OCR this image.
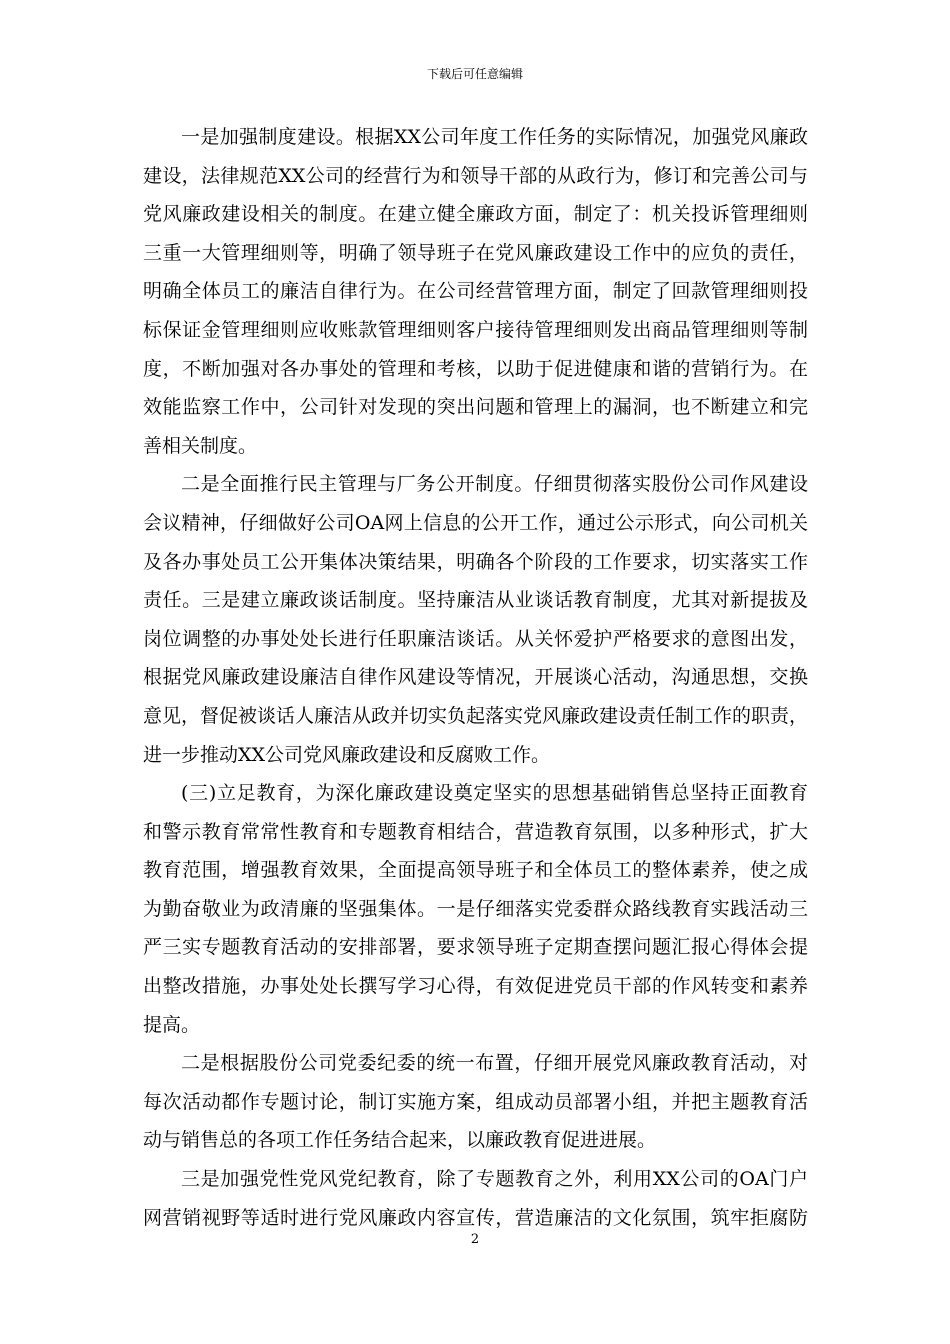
下载后可任意编辑
一是加强制度建设。根据XX公司年度工作任务的实际情况，加强党风廉政
建设，法律规范XX公司的经营行为和领导干部的从政行为，修订和完善公司与
党风廉政建设相关的制度。在建立健全廉政方面，制定了：机关投诉管理细则
三重一大管理细则等，明确了领导班子在党风廉政建设工作中的应负的责任，
明确全体员工的廉洁自律行为。在公司经营管理方面，制定了回款管理细则投
标保证金管理细则应收账款管理细则客户接待管理细则发出商品管理细则等制
度，不断加强对各办事处的管理和考核，以助于促进健康和谐的营销行为。在
效能监察工作中，公司针对发现的突出问题和管理上的漏洞，也不断建立和完
善相关制度。
二是全面推行民主管理与厂务公开制度。仔细贯彻落实股份公司作风建设
会议精神，仔细做好公司OA网上信息的公开工作，通过公示形式，向公司机关
及各办事处员工公开集体决策结果，明确各个阶段的工作要求，切实落实工作
责任。三是建立廉政谈话制度。坚持廉洁从业谈话教育制度，尤其对新提拔及
岗位调整的办事处处长进行任职廉洁谈话。从关怀爱护严格要求的意图出发，
根据党风廉政建设廉洁自律作风建设等情况，开展谈心活动，沟通思想，交换
意见，督促被谈话人廉洁从政并切实负起落实党风廉政建设责任制工作的职责，
进一步推动XX公司党风廉政建设和反腐败工作。
(三)立足教育，为深化廉政建设奠定坚实的思想基础销售总坚持正面教育
和警示教育常常性教育和专题教育相结合，营造教育氛围，以多种形式，扩大
教育范围，增强教育效果，全面提高领导班子和全体员工的整体素养，使之成
为勤奋敬业为政清廉的坚强集体。一是仔细落实党委群众路线教育实践活动三
严三实专题教育活动的安排部署，要求领导班子定期查摆问题汇报心得体会提
出整改措施，办事处处长撰写学习心得，有效促进党员干部的作风转变和素养
提高。
二是根据股份公司党委纪委的统一布置，仔细开展党风廉政教育活动，对
每次活动都作专题讨论，制订实施方案，组成动员部署小组，并把主题教育活
动与销售总的各项工作任务结合起来，以廉政教育促进进展。
三是加强党性党风党纪教育，除了专题教育之外，利用XX公司的OA门户
网营销视野等适时进行党风廉政内容宣传，营造廉洁的文化氛围，筑牢拒腐防
2
